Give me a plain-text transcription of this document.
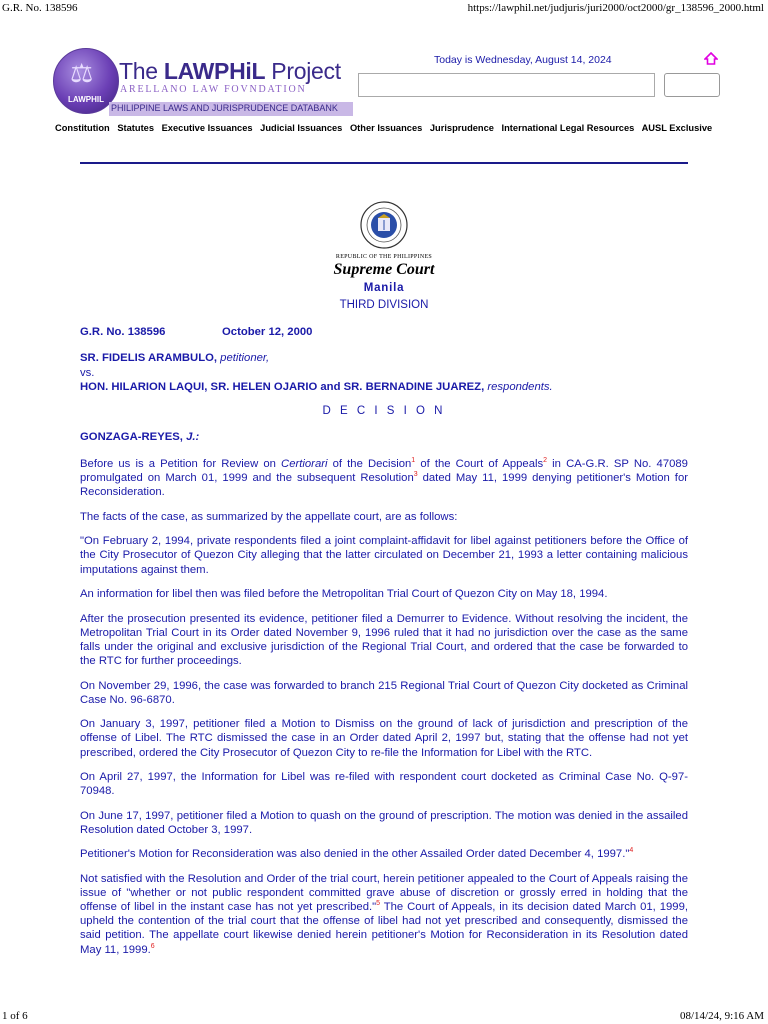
G.R. No. 138596	https://lawphil.net/judjuris/juri2000/oct2000/gr_138596_2000.html
⚖
LAWPHIL
The LAWPHiL Project
ARELLANO LAW FOVNDATION
PHILIPPINE LAWS AND JURISPRUDENCE DATABANK
Today is Wednesday, August 14, 2024
Constitution Statutes Executive Issuances Judicial Issuances Other Issuances Jurisprudence International Legal Resources AUSL Exclusive
REPUBLIC OF THE PHILIPPINES
Supreme Court
Manila
THIRD DIVISION
G.R. No. 138596	October 12, 2000
SR. FIDELIS ARAMBULO, petitioner,
vs.
HON. HILARION LAQUI, SR. HELEN OJARIO and SR. BERNADINE JUAREZ, respondents.
D E C I S I O N
GONZAGA-REYES, J.:

Before us is a Petition for Review on Certiorari of the Decision$^1$ of the Court of Appeals$^2$ in CA-G.R. SP No. 47089 promulgated on March 01, 1999 and the subsequent Resolution$^3$ dated May 11, 1999 denying petitioner's Motion for Reconsideration.

The facts of the case, as summarized by the appellate court, are as follows:

"On February 2, 1994, private respondents filed a joint complaint-affidavit for libel against petitioners before the Office of the City Prosecutor of Quezon City alleging that the latter circulated on December 21, 1993 a letter containing malicious imputations against them.

An information for libel then was filed before the Metropolitan Trial Court of Quezon City on May 18, 1994.

After the prosecution presented its evidence, petitioner filed a Demurrer to Evidence. Without resolving the incident, the Metropolitan Trial Court in its Order dated November 9, 1996 ruled that it had no jurisdiction over the case as the same falls under the original and exclusive jurisdiction of the Regional Trial Court, and ordered that the case be forwarded to the RTC for further proceedings.

On November 29, 1996, the case was forwarded to branch 215 Regional Trial Court of Quezon City docketed as Criminal Case No. 96-6870.

On January 3, 1997, petitioner filed a Motion to Dismiss on the ground of lack of jurisdiction and prescription of the offense of Libel. The RTC dismissed the case in an Order dated April 2, 1997 but, stating that the offense had not yet prescribed, ordered the City Prosecutor of Quezon City to re-file the Information for Libel with the RTC.

On April 27, 1997, the Information for Libel was re-filed with respondent court docketed as Criminal Case No. Q-97-70948.

On June 17, 1997, petitioner filed a Motion to quash on the ground of prescription. The motion was denied in the assailed Resolution dated October 3, 1997.

Petitioner's Motion for Reconsideration was also denied in the other Assailed Order dated December 4, 1997."$^4$

Not satisfied with the Resolution and Order of the trial court, herein petitioner appealed to the Court of Appeals raising the issue of "whether or not public respondent committed grave abuse of discretion or grossly erred in holding that the offense of libel in the instant case has not yet prescribed."$^5$ The Court of Appeals, in its decision dated March 01, 1999, upheld the contention of the trial court that the offense of libel had not yet prescribed and consequently, dismissed the said petition. The appellate court likewise denied herein petitioner's Motion for Reconsideration in its Resolution dated May 11, 1999.$^6$

1 of 6	08/14/24, 9:16 AM
